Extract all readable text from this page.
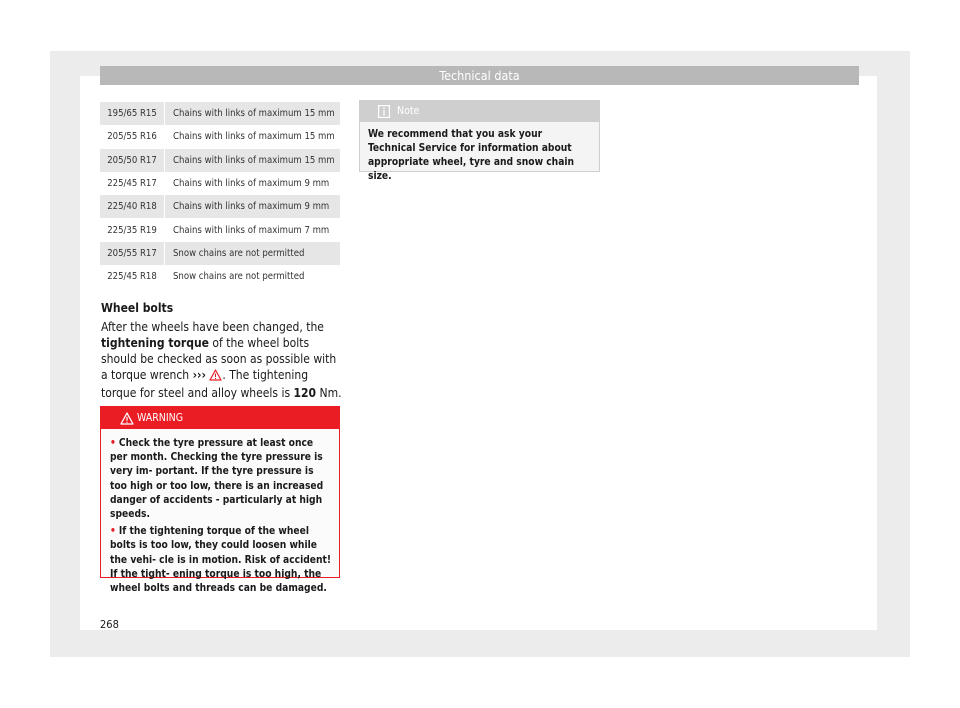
Technical data
195/65 R15	Chains with links of maximum 15 mm
205/55 R16	Chains with links of maximum 15 mm
205/50 R17	Chains with links of maximum 15 mm
225/45 R17	Chains with links of maximum 9 mm
225/40 R18	Chains with links of maximum 9 mm
225/35 R19	Chains with links of maximum 7 mm
205/55 R17	Snow chains are not permitted
225/45 R18	Snow chains are not permitted
Wheel bolts

After the wheels have been changed, the tightening torque of the wheel bolts should be checked as soon as possible with a torque wrench ››› . The tightening torque for steel and alloy wheels is 120 Nm.

WARNING
• Check the tyre pressure at least once per month. Checking the tyre pressure is very im- portant. If the tyre pressure is too high or too low, there is an increased danger of accidents - particularly at high speeds.
• If the tightening torque of the wheel bolts is too low, they could loosen while the vehi- cle is in motion. Risk of accident! If the tight- ening torque is too high, the wheel bolts and threads can be damaged.
Note
We recommend that you ask your Technical Service for information about appropriate wheel, tyre and snow chain size.
268
